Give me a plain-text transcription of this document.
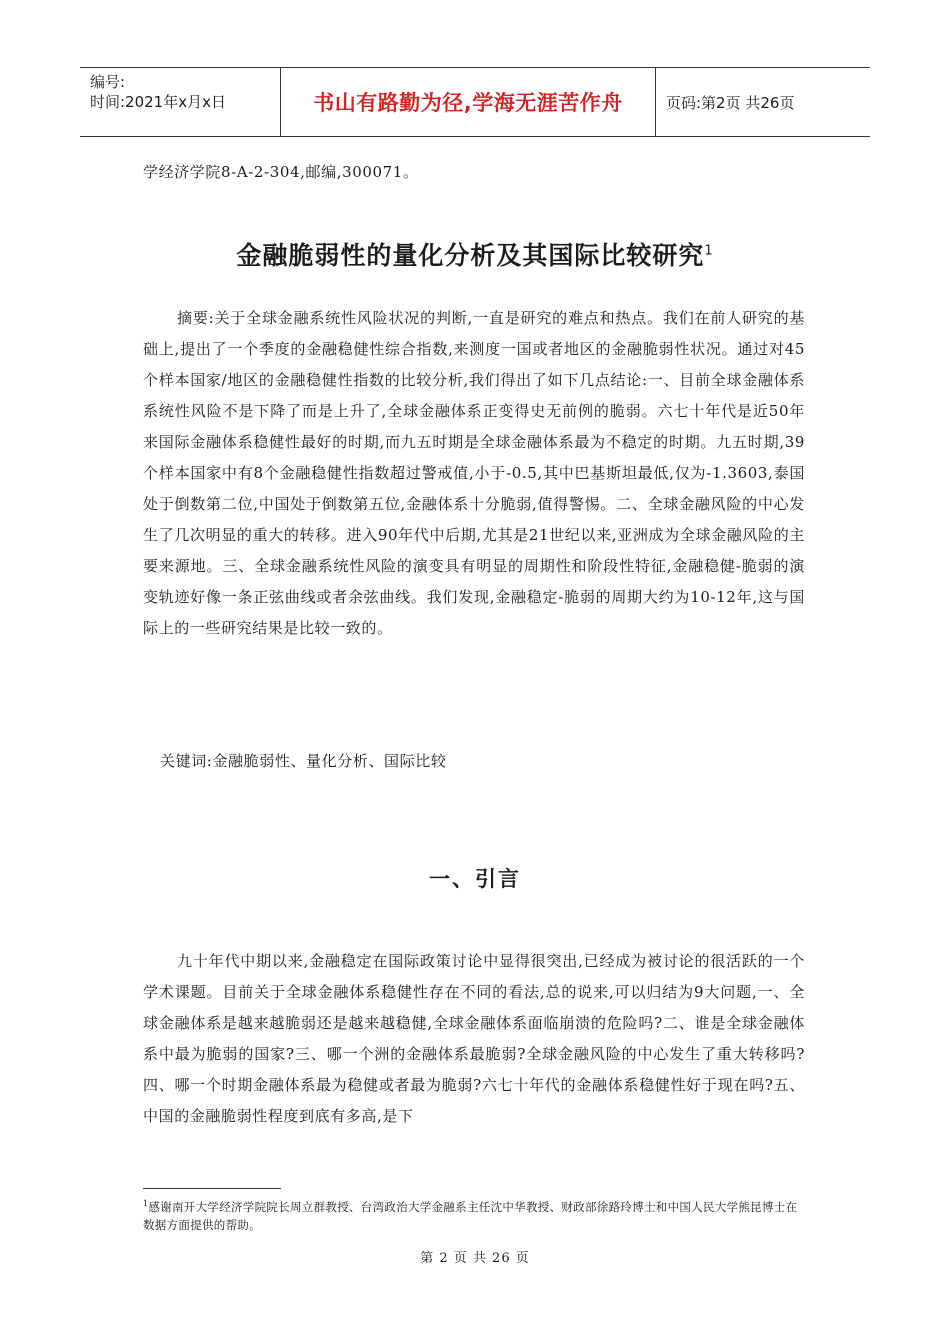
编号:
时间:2021年x月x日	书山有路勤为径,学海无涯苦作舟	页码:第2页 共26页

学经济学院8-A-2-304,邮编,300071。

金融脆弱性的量化分析及其国际比较研究$^1$

摘要:关于全球金融系统性风险状况的判断,一直是研究的难点和热点。我们在前人研究的基础上,提出了一个季度的金融稳健性综合指数,来测度一国或者地区的金融脆弱性状况。通过对45个样本国家/地区的金融稳健性指数的比较分析,我们得出了如下几点结论:一、目前全球金融体系系统性风险不是下降了而是上升了,全球金融体系正变得史无前例的脆弱。六七十年代是近50年来国际金融体系稳健性最好的时期,而九五时期是全球金融体系最为不稳定的时期。九五时期,39个样本国家中有8个金融稳健性指数超过警戒值,小于-0.5,其中巴基斯坦最低,仅为-1.3603,泰国处于倒数第二位,中国处于倒数第五位,金融体系十分脆弱,值得警惕。二、全球金融风险的中心发生了几次明显的重大的转移。进入90年代中后期,尤其是21世纪以来,亚洲成为全球金融风险的主要来源地。三、全球金融系统性风险的演变具有明显的周期性和阶段性特征,金融稳健-脆弱的演变轨迹好像一条正弦曲线或者余弦曲线。我们发现,金融稳定-脆弱的周期大约为10-12年,这与国际上的一些研究结果是比较一致的。

关键词:金融脆弱性、量化分析、国际比较

一、引言

九十年代中期以来,金融稳定在国际政策讨论中显得很突出,已经成为被讨论的很活跃的一个学术课题。目前关于全球金融体系稳健性存在不同的看法,总的说来,可以归结为9大问题,一、全球金融体系是越来越脆弱还是越来越稳健,全球金融体系面临崩溃的危险吗?二、谁是全球金融体系中最为脆弱的国家?三、哪一个洲的金融体系最脆弱?全球金融风险的中心发生了重大转移吗?四、哪一个时期金融体系最为稳健或者最为脆弱?六七十年代的金融体系稳健性好于现在吗?五、中国的金融脆弱性程度到底有多高,是下

$^1$感谢南开大学经济学院院长周立群教授、台湾政治大学金融系主任沈中华教授、财政部徐路玲博士和中国人民大学熊昆博士在数据方面提供的帮助。

第 2 页 共 26 页
